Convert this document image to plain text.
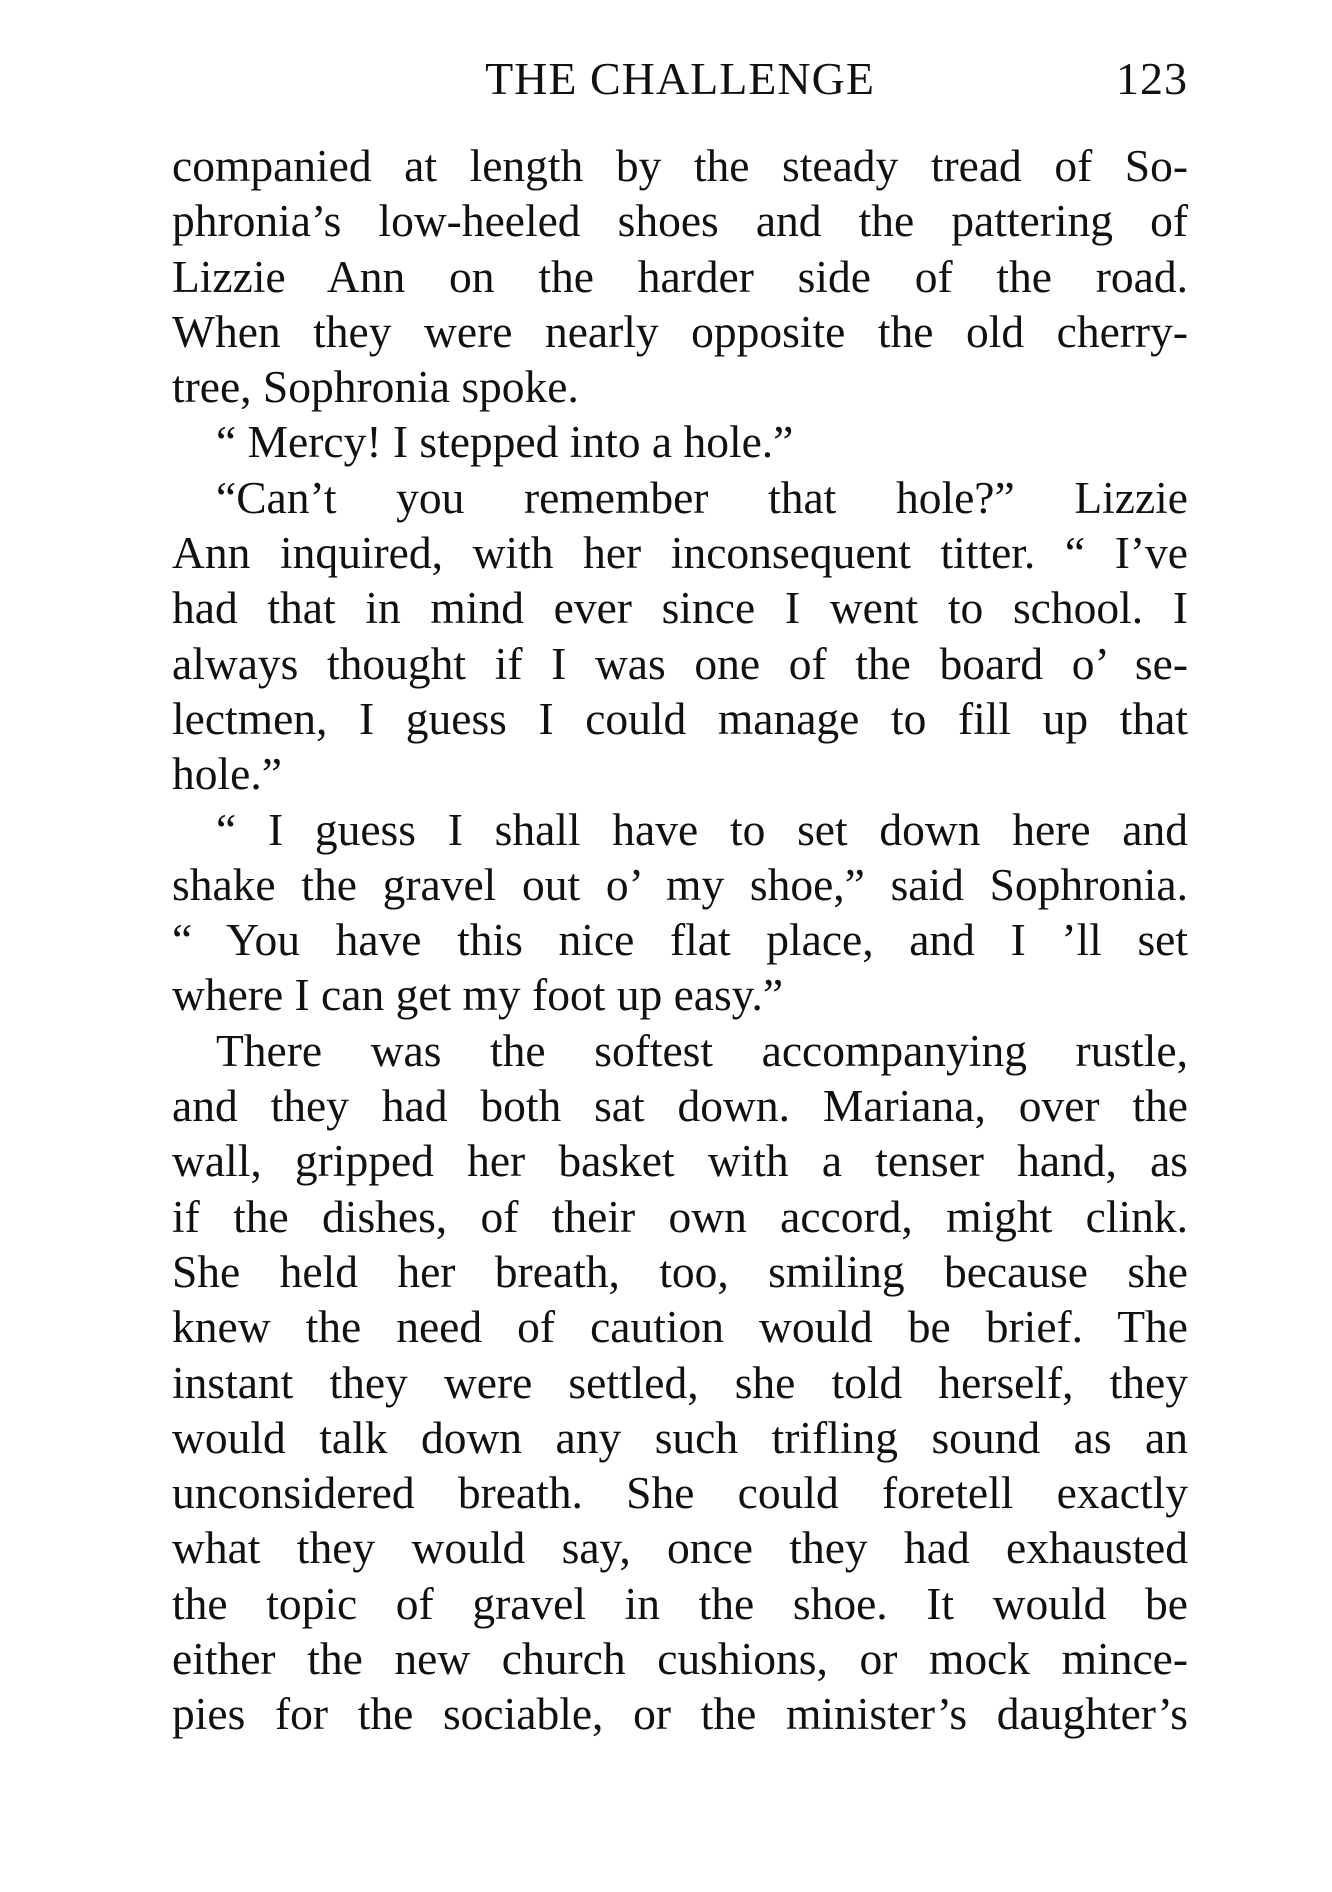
THE CHALLENGE	123
companied at length by the steady tread of So-
phronia’s low-heeled shoes and the pattering of
Lizzie Ann on the harder side of the road.
When they were nearly opposite the old cherry-
tree, Sophronia spoke.
“ Mercy! I stepped into a hole.”
“Can’t you remember that hole?” Lizzie
Ann inquired, with her inconsequent titter. “ I’ve
had that in mind ever since I went to school. I
always thought if I was one of the board o’ se-
lectmen, I guess I could manage to fill up that
hole.”
“ I guess I shall have to set down here and
shake the gravel out o’ my shoe,” said Sophronia.
“ You have this nice flat place, and I ’ll set
where I can get my foot up easy.”
There was the softest accompanying rustle,
and they had both sat down. Mariana, over the
wall, gripped her basket with a tenser hand, as
if the dishes, of their own accord, might clink.
She held her breath, too, smiling because she
knew the need of caution would be brief. The
instant they were settled, she told herself, they
would talk down any such trifling sound as an
unconsidered breath. She could foretell exactly
what they would say, once they had exhausted
the topic of gravel in the shoe. It would be
either the new church cushions, or mock mince-
pies for the sociable, or the minister’s daughter’s
